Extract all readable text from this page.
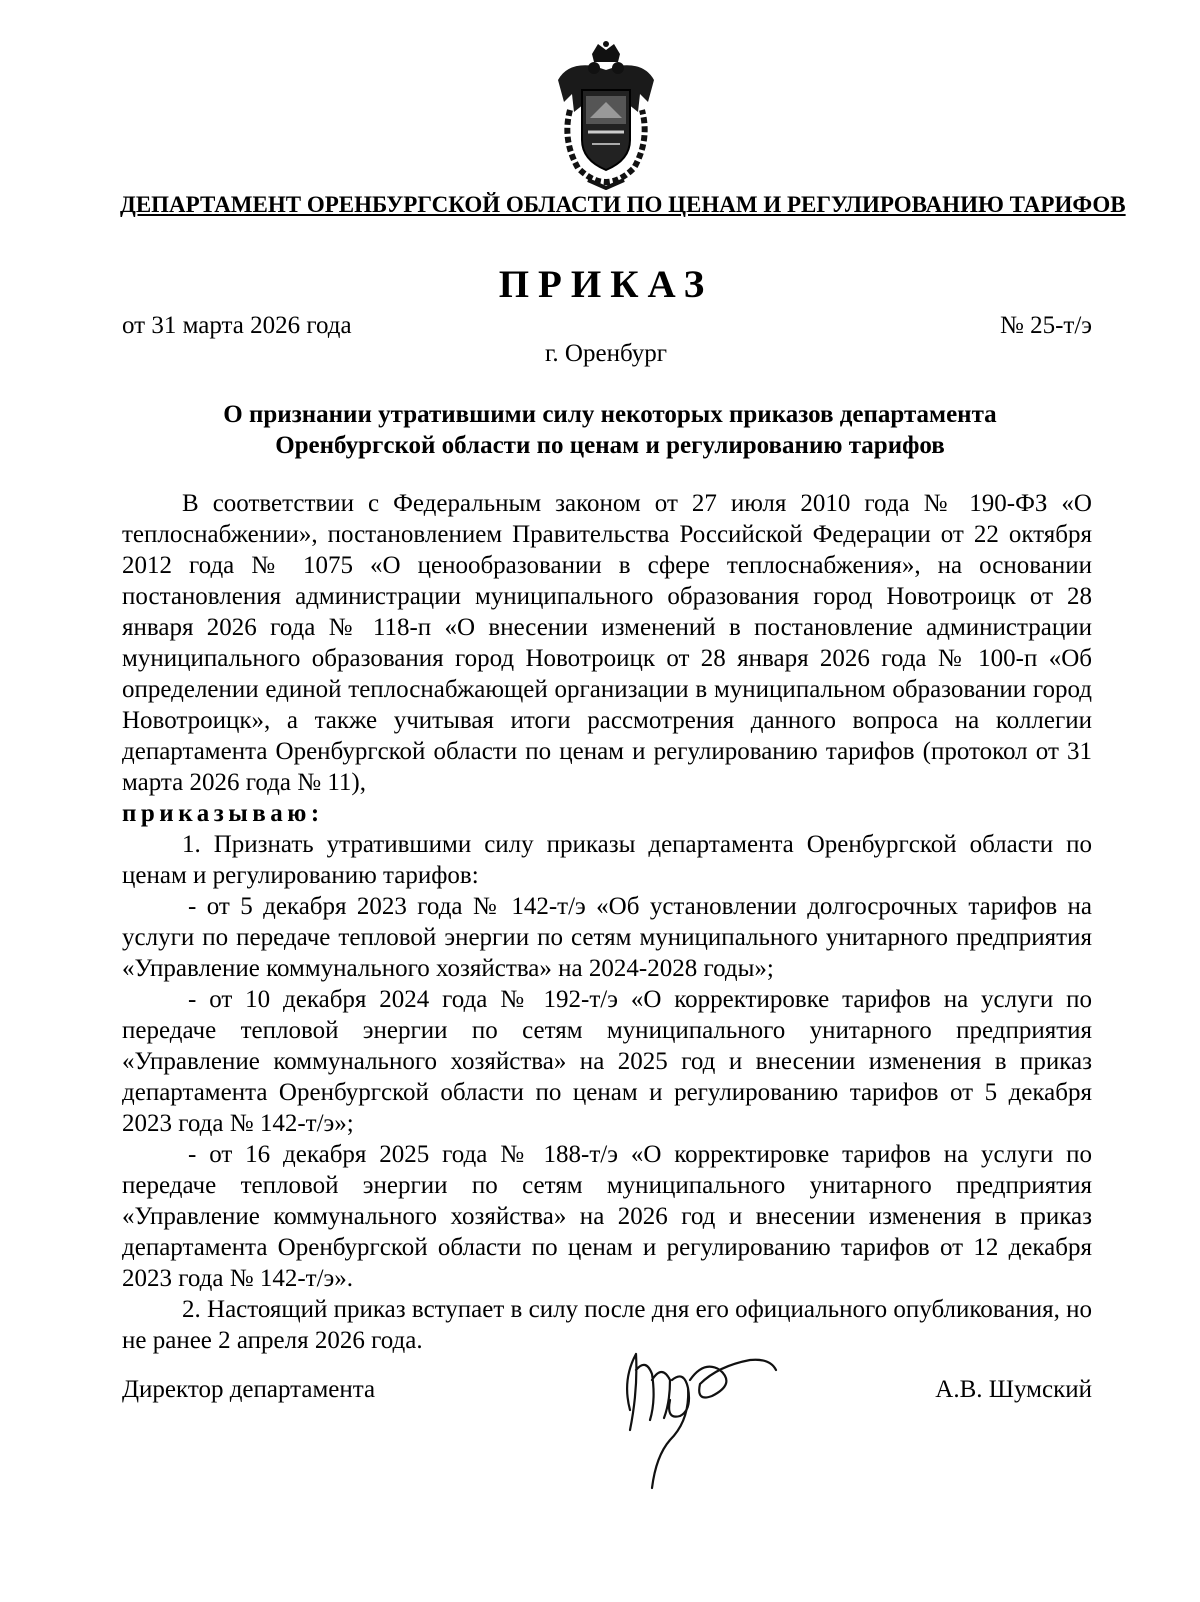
ДЕПАРТАМЕНТ ОРЕНБУРГСКОЙ ОБЛАСТИ ПО ЦЕНАМ И РЕГУЛИРОВАНИЮ ТАРИФОВ
ПРИКАЗ
от 31 марта 2026 года	№ 25-т/э
г. Оренбург
О признании утратившими силу некоторых приказов департамента
Оренбургской области по ценам и регулированию тарифов

В соответствии с Федеральным законом от 27 июля 2010 года № 190-ФЗ «О теплоснабжении», постановлением Правительства Российской Федерации от 22 октября 2012 года № 1075 «О ценообразовании в сфере теплоснабжения», на основании постановления администрации муниципального образования город Новотроицк от 28 января 2026 года № 118-п «О внесении изменений в постановление администрации муниципального образования город Новотроицк от 28 января 2026 года № 100-п «Об определении единой теплоснабжающей организации в муниципальном образовании город Новотроицк», а также учитывая итоги рассмотрения данного вопроса на коллегии департамента Оренбургской области по ценам и регулированию тарифов (протокол от 31 марта 2026 года № 11),

приказываю:

1. Признать утратившими силу приказы департамента Оренбургской области по ценам и регулированию тарифов:

- от 5 декабря 2023 года № 142-т/э «Об установлении долгосрочных тарифов на услуги по передаче тепловой энергии по сетям муниципального унитарного предприятия «Управление коммунального хозяйства» на 2024-2028 годы»;

- от 10 декабря 2024 года № 192-т/э «О корректировке тарифов на услуги по передаче тепловой энергии по сетям муниципального унитарного предприятия «Управление коммунального хозяйства» на 2025 год и внесении изменения в приказ департамента Оренбургской области по ценам и регулированию тарифов от 5 декабря 2023 года № 142-т/э»;

- от 16 декабря 2025 года № 188-т/э «О корректировке тарифов на услуги по передаче тепловой энергии по сетям муниципального унитарного предприятия «Управление коммунального хозяйства» на 2026 год и внесении изменения в приказ департамента Оренбургской области по ценам и регулированию тарифов от 12 декабря 2023 года № 142-т/э».

2. Настоящий приказ вступает в силу после дня его официального опубликования, но не ранее 2 апреля 2026 года.

Директор департамента	А.В. Шумский
